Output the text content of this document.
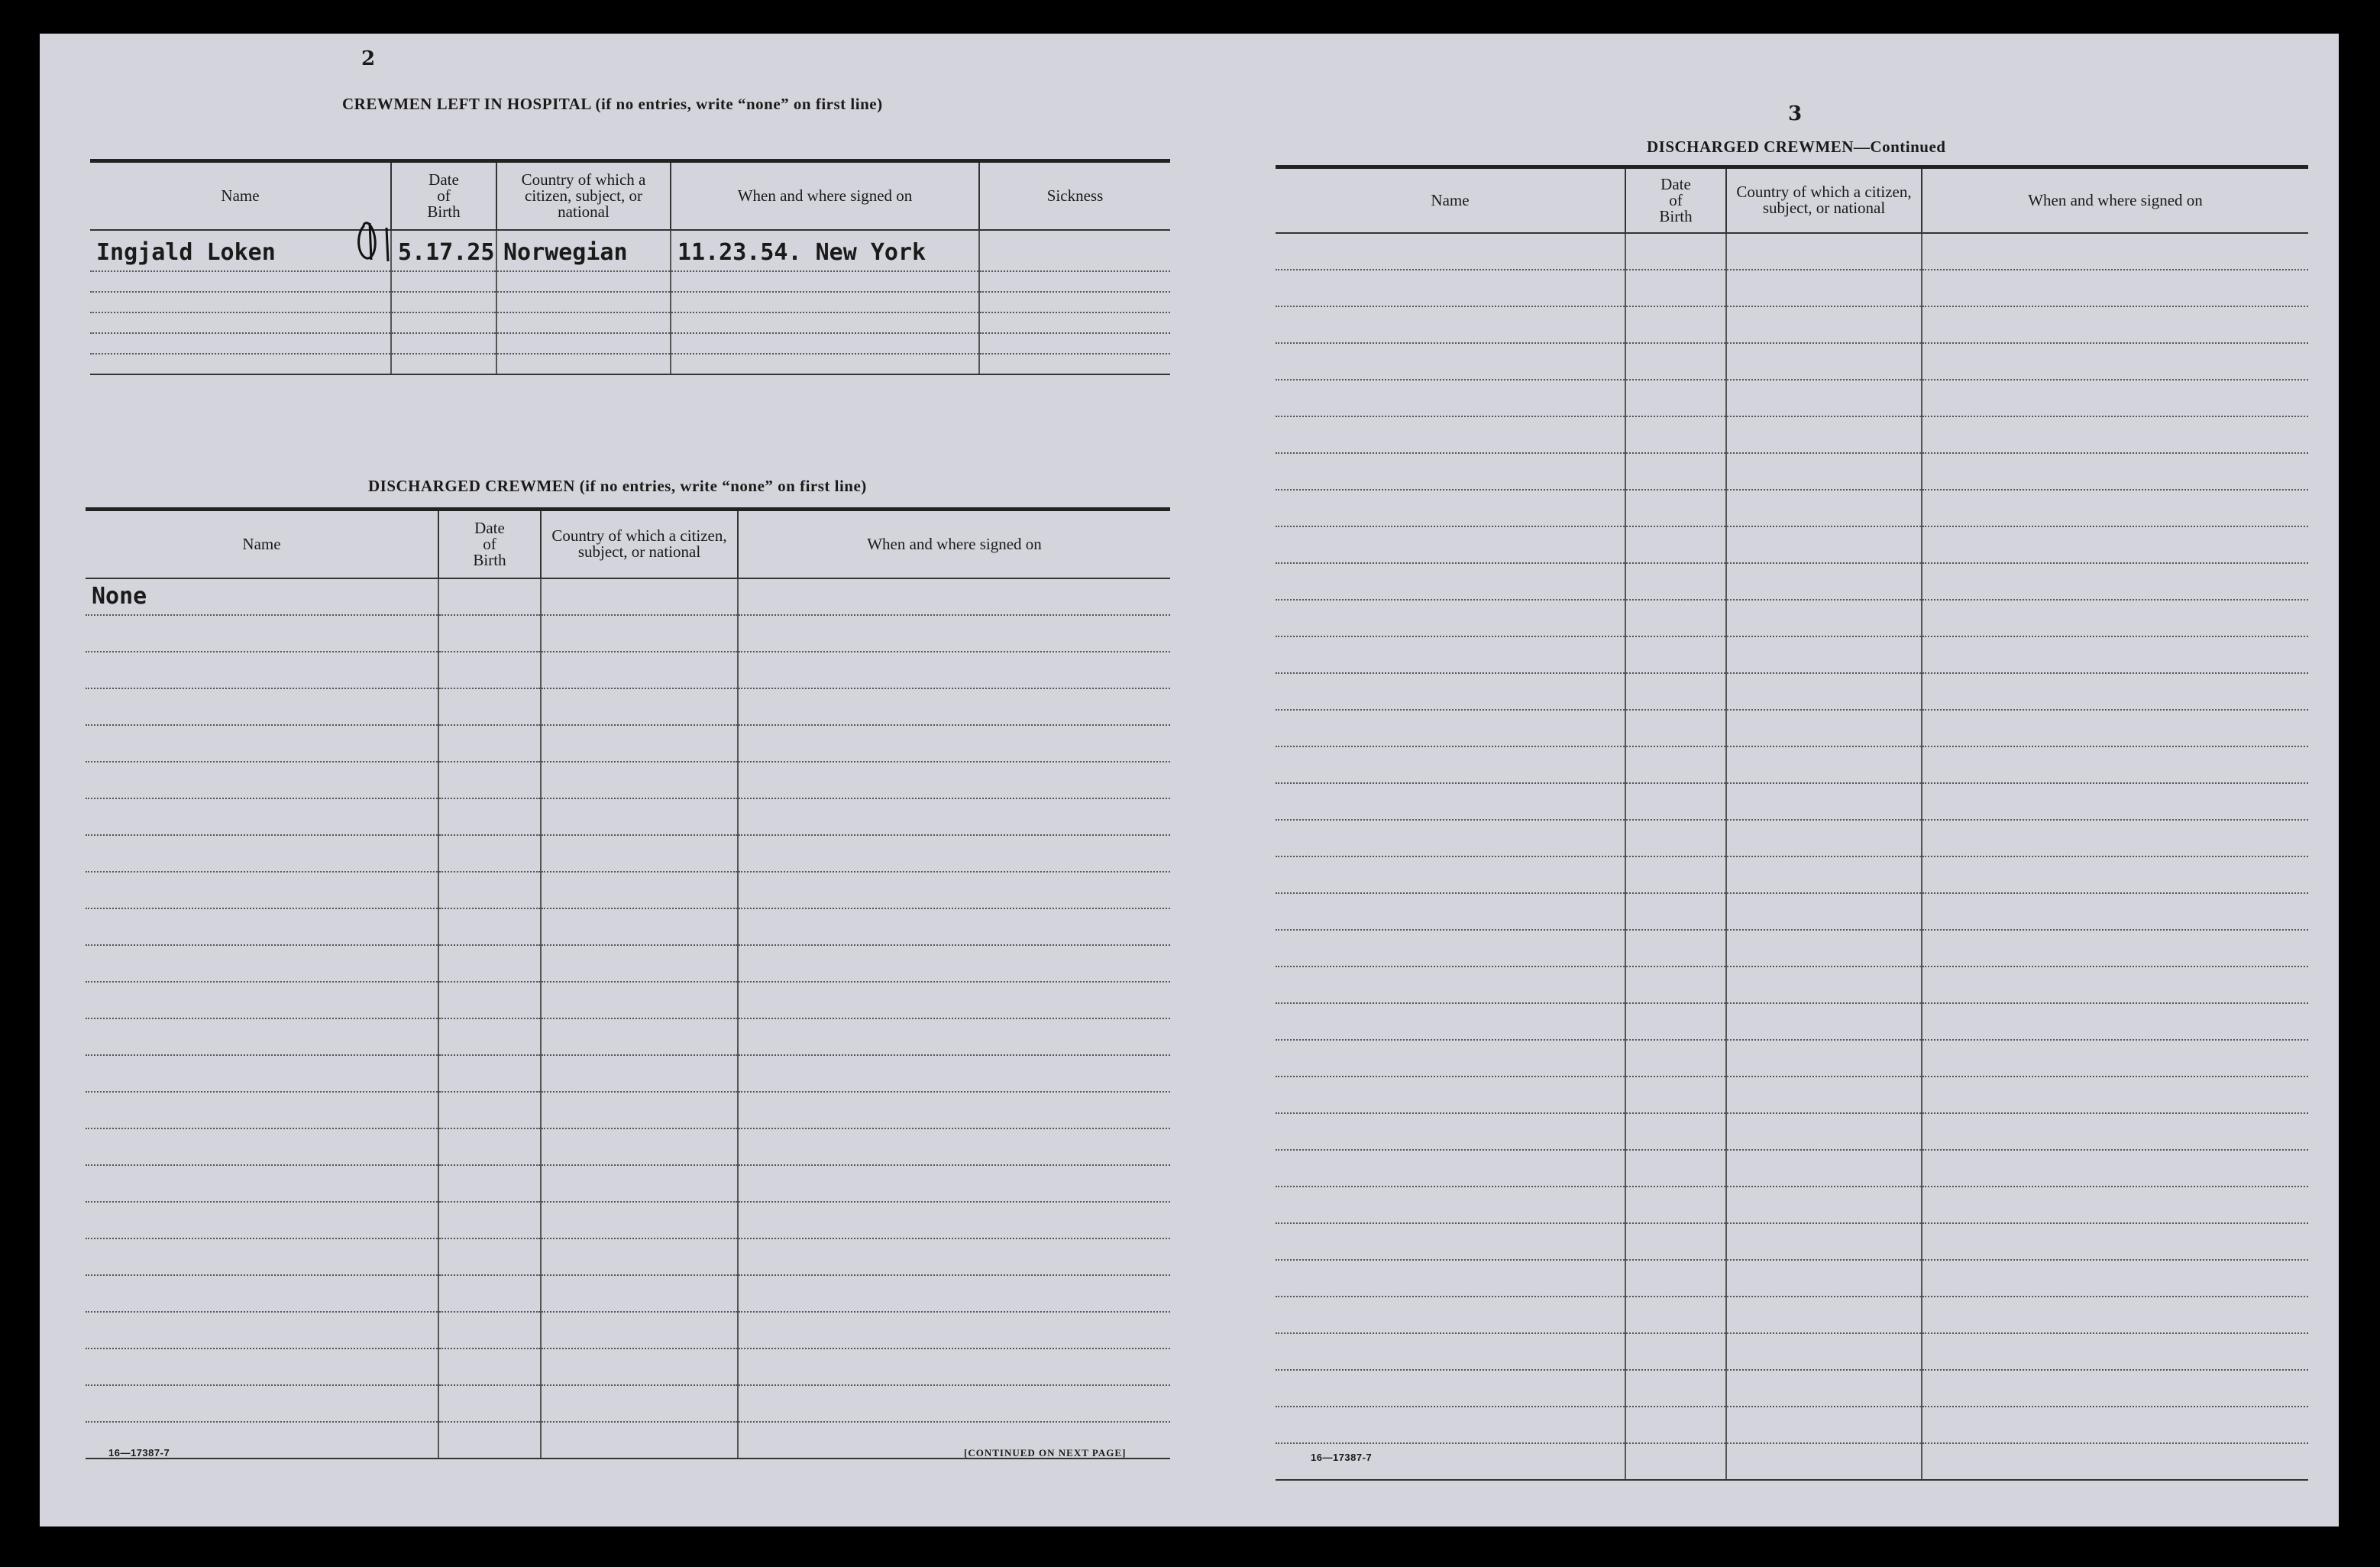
2
CREWMEN LEFT IN HOSPITAL (if no entries, write “none” on first line)
Name	Date of Birth	Country of which a citizen, subject, or national	When and where signed on	Sickness
Ingjald Loken	5.17.25	Norwegian	11.23.54. New York	

DISCHARGED CREWMEN (if no entries, write “none” on first line)
Name	Date of Birth	Country of which a citizen, subject, or national	When and where signed on
None			

16—17387-7	[CONTINUED ON NEXT PAGE]
3
DISCHARGED CREWMEN—Continued
Name	Date of Birth	Country of which a citizen, subject, or national	When and where signed on

16—17387-7
